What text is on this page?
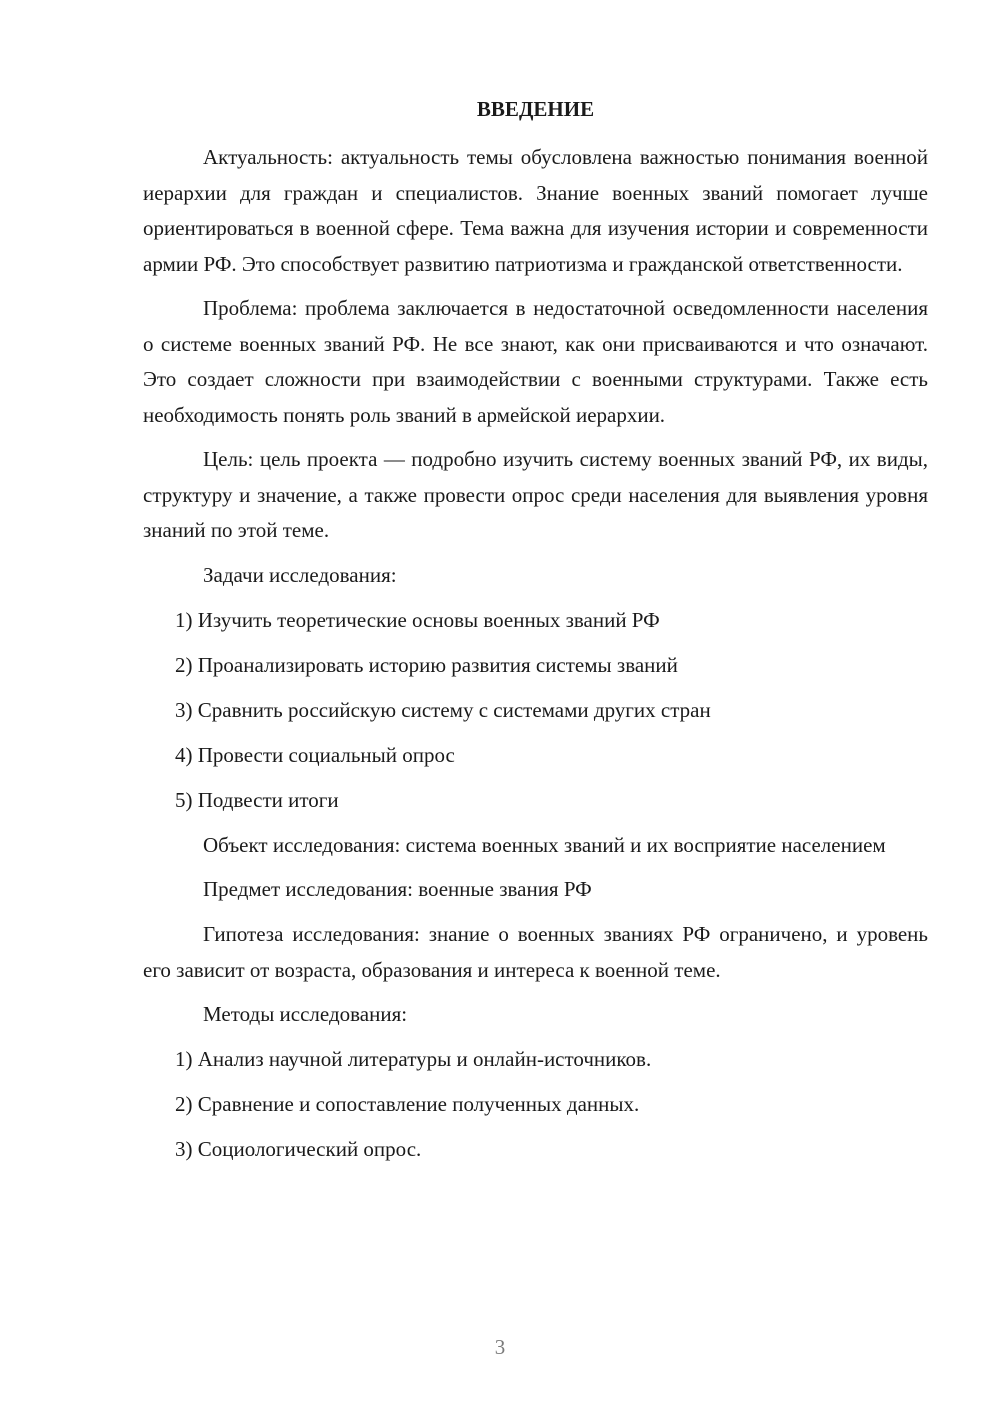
ВВЕДЕНИЕ

Актуальность: актуальность темы обусловлена важностью понимания военной иерархии для граждан и специалистов. Знание военных званий помогает лучше ориентироваться в военной сфере. Тема важна для изучения истории и современности армии РФ. Это способствует развитию патриотизма и гражданской ответственности.

Проблема: проблема заключается в недостаточной осведомленности населения о системе военных званий РФ. Не все знают, как они присваиваются и что означают. Это создает сложности при взаимодействии с военными структурами. Также есть необходимость понять роль званий в армейской иерархии.

Цель: цель проекта — подробно изучить систему военных званий РФ, их виды, структуру и значение, а также провести опрос среди населения для выявления уровня знаний по этой теме.

Задачи исследования:

1) Изучить теоретические основы военных званий РФ

2) Проанализировать историю развития системы званий

3) Сравнить российскую систему с системами других стран

4) Провести социальный опрос

5) Подвести итоги

Объект исследования: система военных званий и их восприятие населением

Предмет исследования: военные звания РФ

Гипотеза исследования: знание о военных званиях РФ ограничено, и уровень его зависит от возраста, образования и интереса к военной теме.

Методы исследования:

1) Анализ научной литературы и онлайн-источников.

2) Сравнение и сопоставление полученных данных.

3) Социологический опрос.

3
